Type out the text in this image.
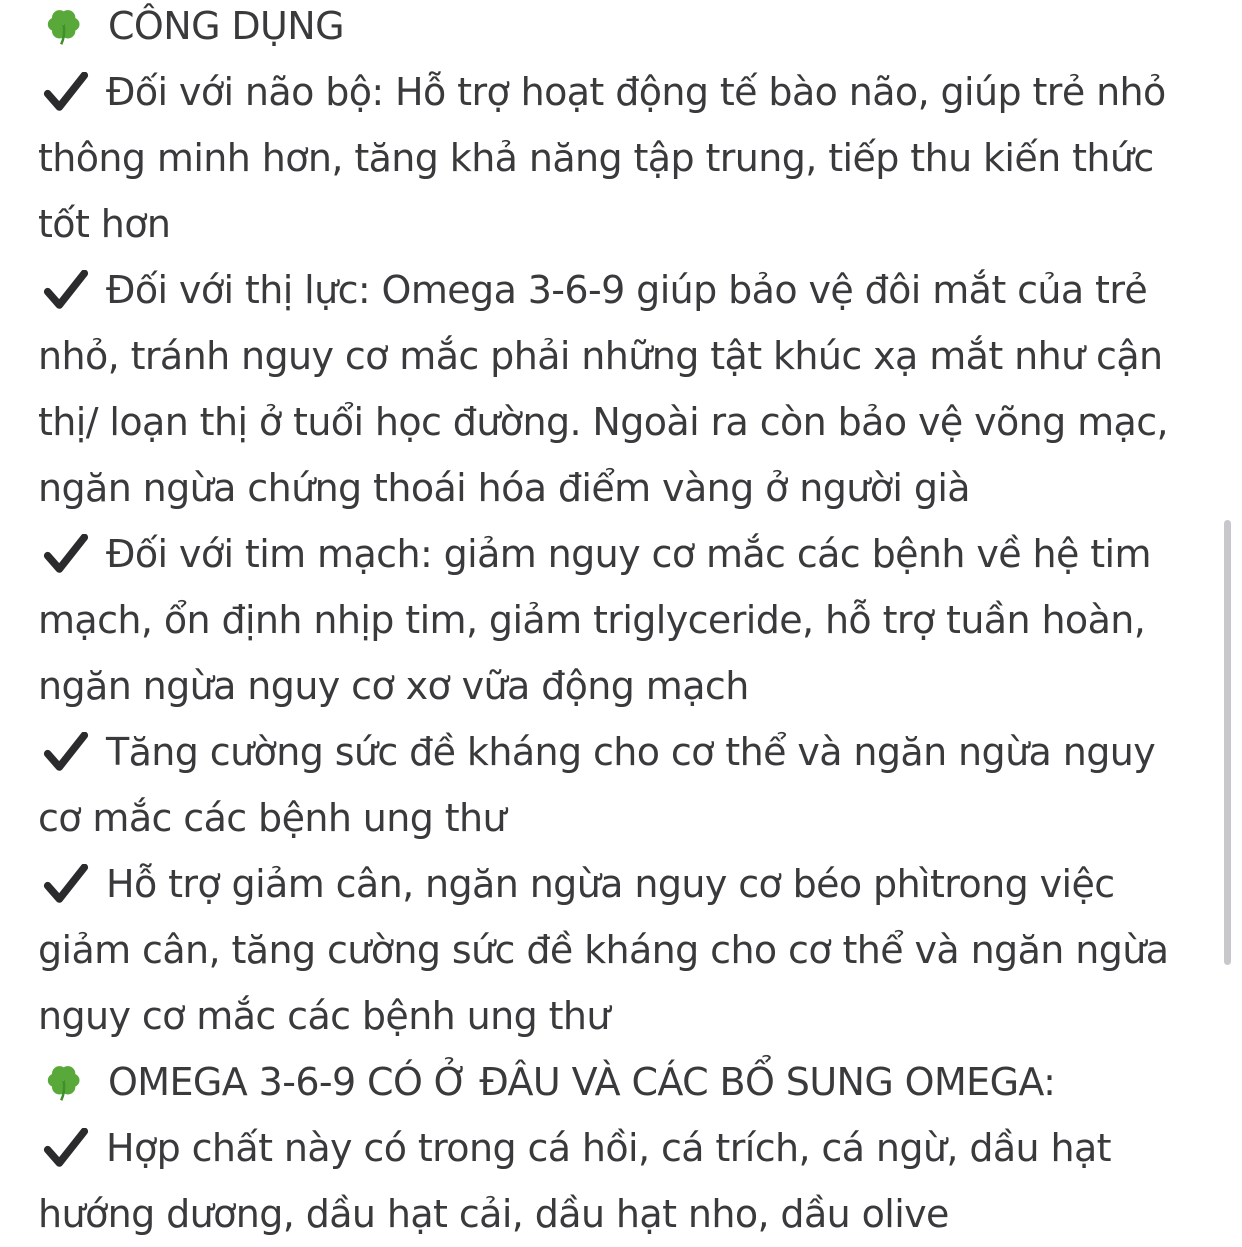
CÔNG DỤNG
Đối với não bộ: Hỗ trợ hoạt động tế bào não, giúp trẻ nhỏ
thông minh hơn, tăng khả năng tập trung, tiếp thu kiến thức
tốt hơn
Đối với thị lực: Omega 3-6-9 giúp bảo vệ đôi mắt của trẻ
nhỏ, tránh nguy cơ mắc phải những tật khúc xạ mắt như cận
thị/ loạn thị ở tuổi học đường. Ngoài ra còn bảo vệ võng mạc,
ngăn ngừa chứng thoái hóa điểm vàng ở người già
Đối với tim mạch: giảm nguy cơ mắc các bệnh về hệ tim
mạch, ổn định nhịp tim, giảm triglyceride, hỗ trợ tuần hoàn,
ngăn ngừa nguy cơ xơ vữa động mạch
Tăng cường sức đề kháng cho cơ thể và ngăn ngừa nguy
cơ mắc các bệnh ung thư
Hỗ trợ giảm cân, ngăn ngừa nguy cơ béo phìtrong việc
giảm cân, tăng cường sức đề kháng cho cơ thể và ngăn ngừa
nguy cơ mắc các bệnh ung thư
OMEGA 3-6-9 CÓ Ở ĐÂU VÀ CÁC BỔ SUNG OMEGA:
Hợp chất này có trong cá hồi, cá trích, cá ngừ, dầu hạt
hướng dương, dầu hạt cải, dầu hạt nho, dầu olive
